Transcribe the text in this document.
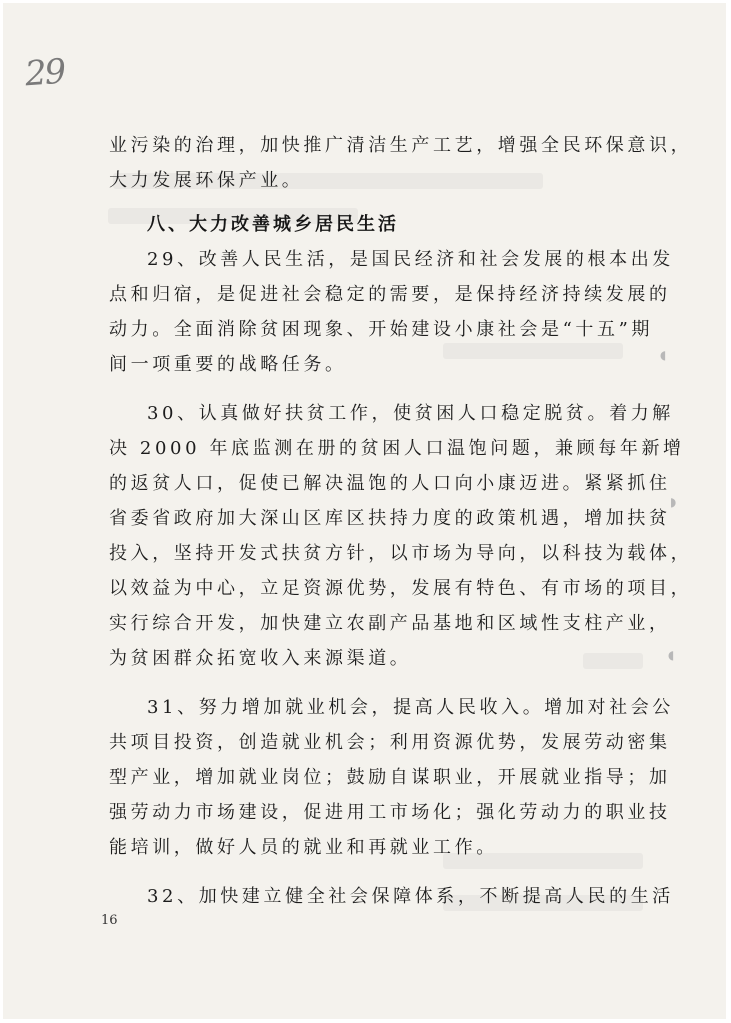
◖
◗
◖
29
业污染的治理，加快推广清洁生产工艺，增强全民环保意识，
大力发展环保产业。
八、大力改善城乡居民生活
29、改善人民生活，是国民经济和社会发展的根本出发
点和归宿，是促进社会稳定的需要，是保持经济持续发展的
动力。全面消除贫困现象、开始建设小康社会是“十五”期
间一项重要的战略任务。
30、认真做好扶贫工作，使贫困人口稳定脱贫。着力解
决 2000 年底监测在册的贫困人口温饱问题，兼顾每年新增
的返贫人口，促使已解决温饱的人口向小康迈进。紧紧抓住
省委省政府加大深山区库区扶持力度的政策机遇，增加扶贫
投入，坚持开发式扶贫方针，以市场为导向，以科技为载体，
以效益为中心，立足资源优势，发展有特色、有市场的项目，
实行综合开发，加快建立农副产品基地和区域性支柱产业，
为贫困群众拓宽收入来源渠道。
31、努力增加就业机会，提高人民收入。增加对社会公
共项目投资，创造就业机会；利用资源优势，发展劳动密集
型产业，增加就业岗位；鼓励自谋职业，开展就业指导；加
强劳动力市场建设，促进用工市场化；强化劳动力的职业技
能培训，做好人员的就业和再就业工作。
32、加快建立健全社会保障体系，不断提高人民的生活
16
